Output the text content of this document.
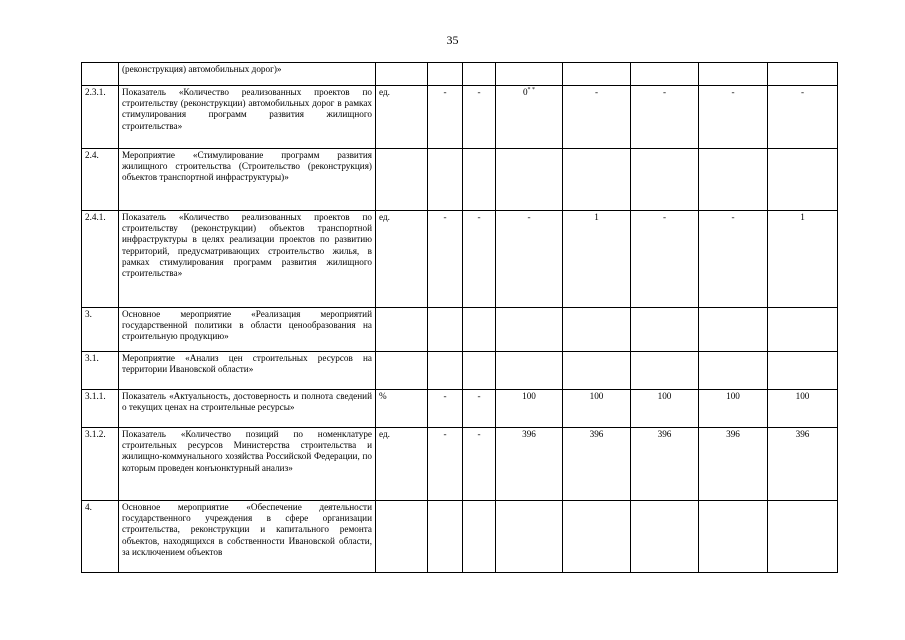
35
	(реконструкция) автомобильных дорог)»								
2.3.1.	Показатель «Количество реализованных проектов по строительству (реконструкции) автомобильных дорог в рамках стимулирования программ развития жилищного строительства»	ед.	-	-	0* *	-	-	-	-
2.4.	Мероприятие «Стимулирование программ развития жилищного строительства (Строительство (реконструкция) объектов транспортной инфраструктуры)»								
2.4.1.	Показатель «Количество реализованных проектов по строительству (реконструкции) объектов транспортной инфраструктуры в целях реализации проектов по развитию территорий, предусматривающих строительство жилья, в рамках стимулирования программ развития жилищного строительства»	ед.	-	-	-	1	-	-	1
3.	Основное мероприятие «Реализация мероприятий государственной политики в области ценообразования на строительную продукцию»								
3.1.	Мероприятие «Анализ цен строительных ресурсов на территории Ивановской области»								
3.1.1.	Показатель «Актуальность, достоверность и полнота сведений о текущих ценах на строительные ресурсы»	%	-	-	100	100	100	100	100
3.1.2.	Показатель «Количество позиций по номенклатуре строительных ресурсов Министерства строительства и жилищно-коммунального хозяйства Российской Федерации, по которым проведен конъюнктурный анализ»	ед.	-	-	396	396	396	396	396
4.	Основное мероприятие «Обеспечение деятельности государственного учреждения в сфере организации строительства, реконструкции и капитального ремонта объектов, находящихся в собственности Ивановской области, за исключением объектов								
